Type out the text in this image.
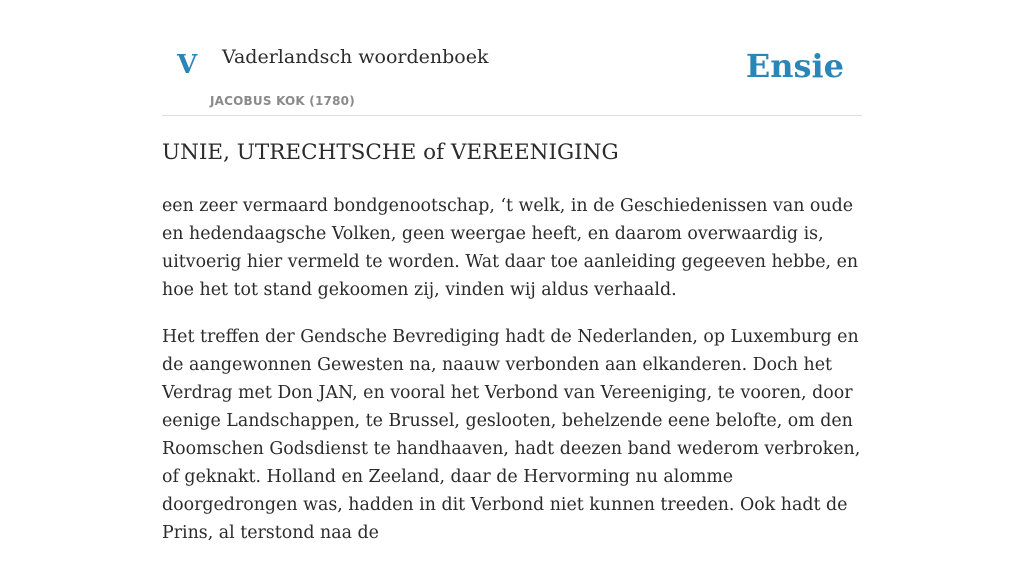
V Vaderlandsch woordenboek
JACOBUS KOK (1780)
Ensie
UNIE, UTRECHTSCHE of VEREENIGING

een zeer vermaard bondgenootschap, ‘t welk, in de Geschiedenissen van oude en hedendaagsche Volken, geen weergae heeft, en daarom overwaardig is, uitvoerig hier vermeld te worden. Wat daar toe aanleiding gegeeven hebbe, en hoe het tot stand gekoomen zij, vinden wij aldus verhaald.

Het treffen der Gendsche Bevrediging hadt de Nederlanden, op Luxemburg en de aangewonnen Gewesten na, naauw verbonden aan elkanderen. Doch het Verdrag met Don JAN, en vooral het Verbond van Vereeniging, te vooren, door eenige Landschappen, te Brussel, geslooten, behelzende eene belofte, om den Roomschen Godsdienst te handhaaven, hadt deezen band wederom verbroken, of geknakt. Holland en Zeeland, daar de Hervorming nu alomme doorgedrongen was, hadden in dit Verbond niet kunnen treeden. Ook hadt de Prins, al terstond naa de
